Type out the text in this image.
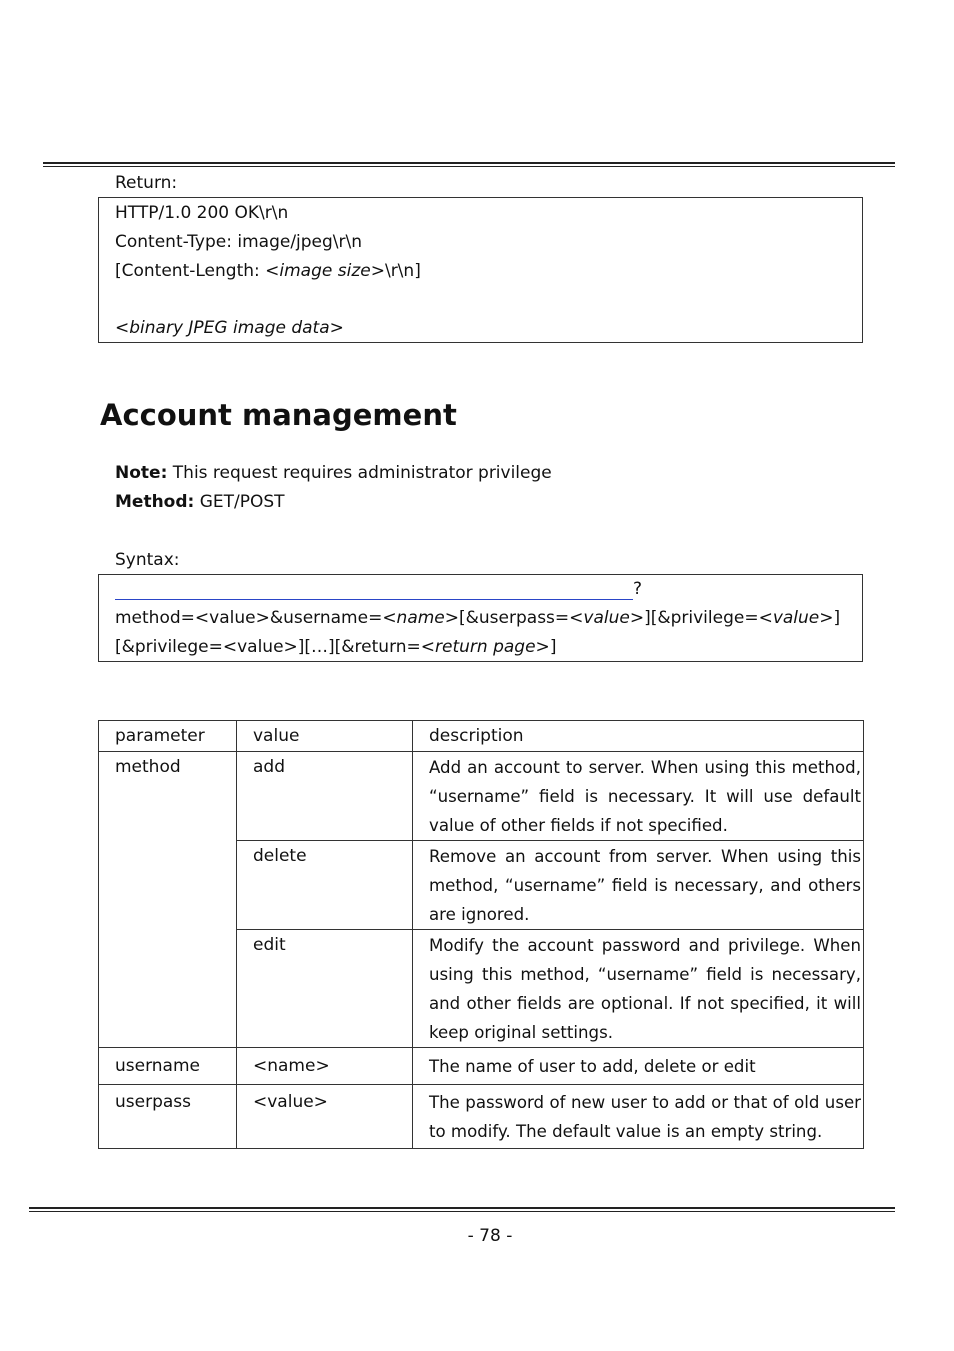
Return:
HTTP/1.0 200 OK\r\n
Content-Type: image/jpeg\r\n
[Content-Length: <image size>\r\n]
<binary JPEG image data>
Account management
Note: This request requires administrator privilege
Method: GET/POST
Syntax:
?
method=<value>&username=<name>[&userpass=<value>][&privilege=<value>]
[&privilege=<value>][…][&return=<return page>]
parameter	value	description
method	add	Add an account to server. When using this method, “username” field is necessary. It will use default value of other fields if not specified.
	delete	Remove an account from server. When using this method, “username” field is necessary, and others are ignored.
	edit	Modify the account password and privilege. When using this method, “username” field is necessary, and other fields are optional. If not specified, it will keep original settings.
username	<name>	The name of user to add, delete or edit
userpass	<value>	The password of new user to add or that of old user to modify. The default value is an empty string.
- 78 -
